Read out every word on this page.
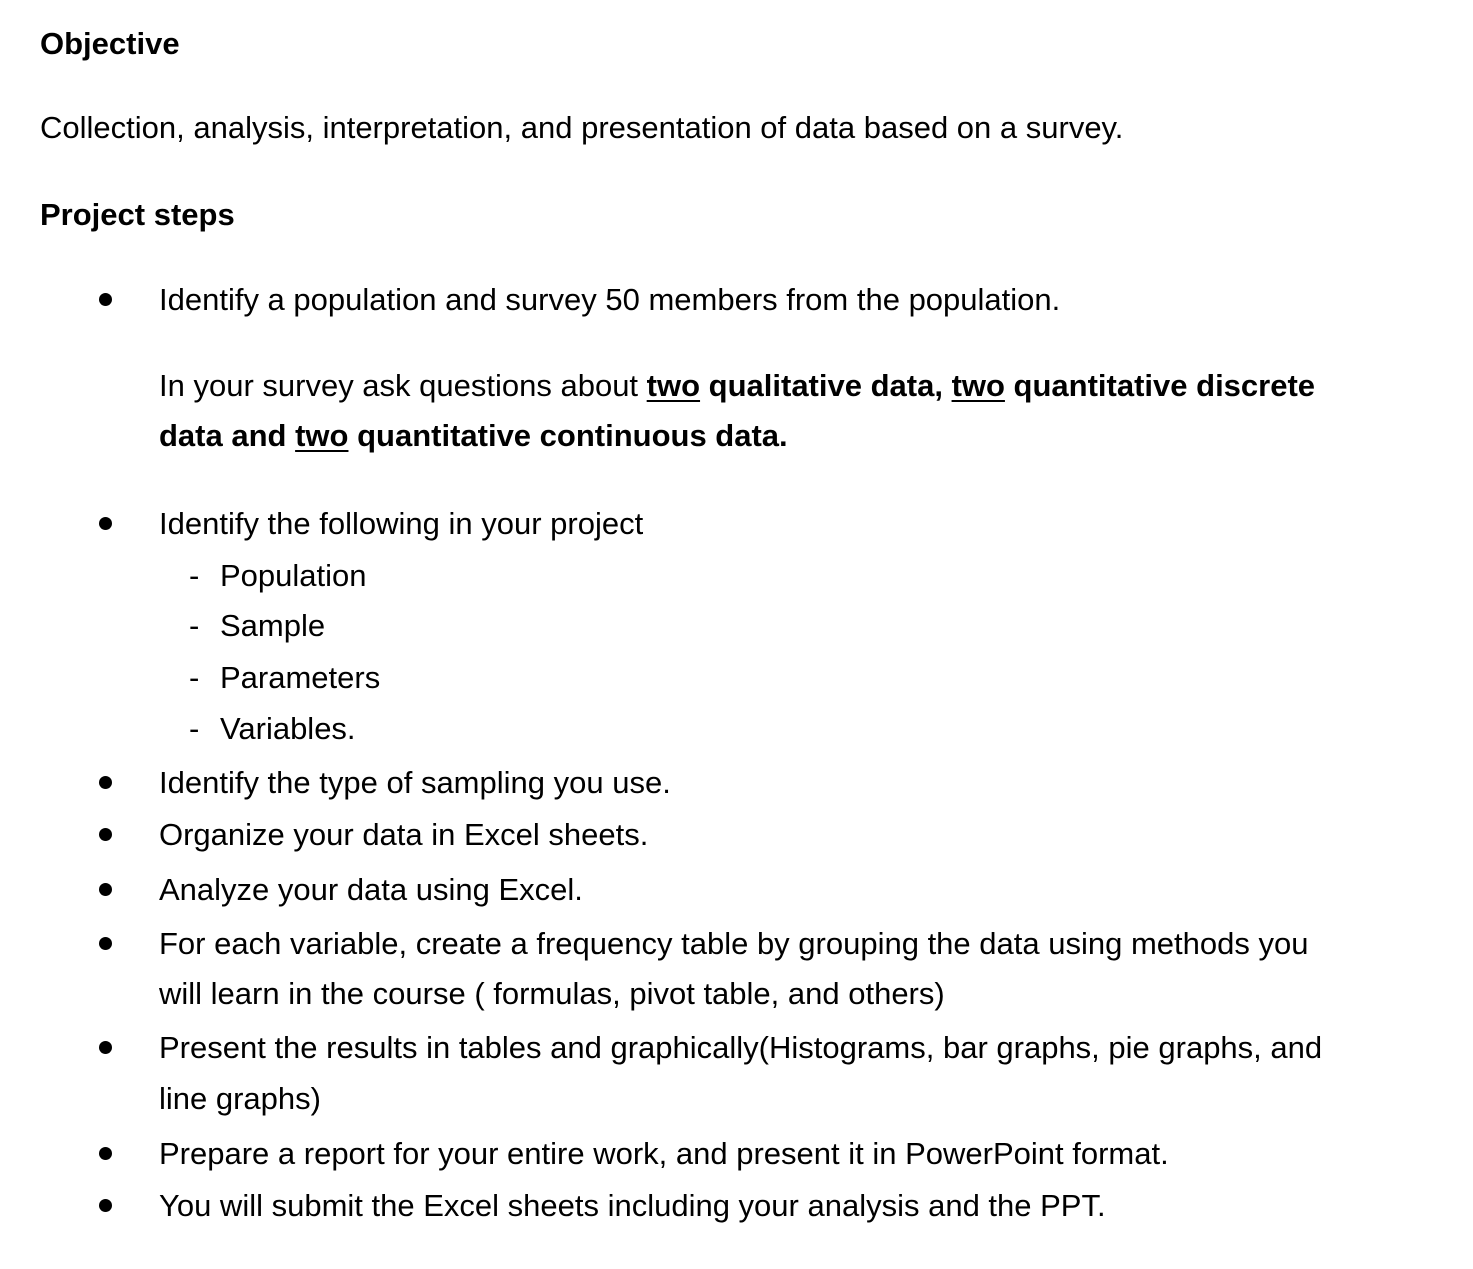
Objective
Collection, analysis, interpretation, and presentation of data based on a survey.
Project steps
Identify a population and survey 50 members from the population.
In your survey ask questions about two qualitative data, two quantitative discrete
data and two quantitative continuous data.
Identify the following in your project
- Population
- Sample
- Parameters
- Variables.
Identify the type of sampling you use.
Organize your data in Excel sheets.
Analyze your data using Excel.
For each variable, create a frequency table by grouping the data using methods you
will learn in the course ( formulas, pivot table, and others)
Present the results in tables and graphically(Histograms, bar graphs, pie graphs, and
line graphs)
Prepare a report for your entire work, and present it in PowerPoint format.
You will submit the Excel sheets including your analysis and the PPT.
